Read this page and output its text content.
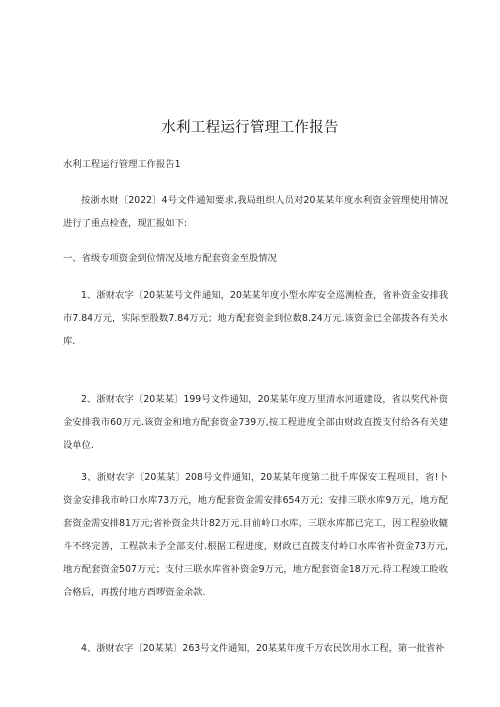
水利工程运行管理工作报告

水利工程运行管理工作报告1

按浙水财〔2022〕4号文件通知要求,我局组织人员对20某某年度水利资金管理使用情况进行了重点检查，现汇报如下:

一、省级专项资金到位情况及地方配套资金至股情况

1、浙财农字〔20某某号文件通知，20某某年度小型水库安全巡测检查，省补资金安排我市7.84万元，实际至股数7.84万元；地方配套资金到位数8.24万元.该资金已全部拨各有关水库.

2、浙财农字〔20某某〕199号文件通知，20某某年度万里清水河道建设，省以奖代补资金安排我市60万元.该资金和地方配套资金739万,按工程进度全部由财政直拨支付给各有关建设单位.

3、浙财农字〔20某某〕208号文件通知，20某某年度第二批千库保安工程项目，省!卜资金安排我市岭口水库73万元，地方配套资金需安排654万元；安排三联水库9万元，地方配套资金需安排81万元;省补资金共计82万元.目前岭口水库、三联水库都已完工，因工程验收辘斗不终完善，工程款未予全部支付.根据工程进度，财政已直拨支付岭口水库省补资金73万元,地方配套资金507万元；支付三联水库省补资金9万元，地方配套资金18万元.待工程竣工睑收合格后，再拨付地方酉啰资金余款.

4、浙财农字〔20某某〕263号文件通知，20某某年度千万农民饮用水工程，第一批省补
